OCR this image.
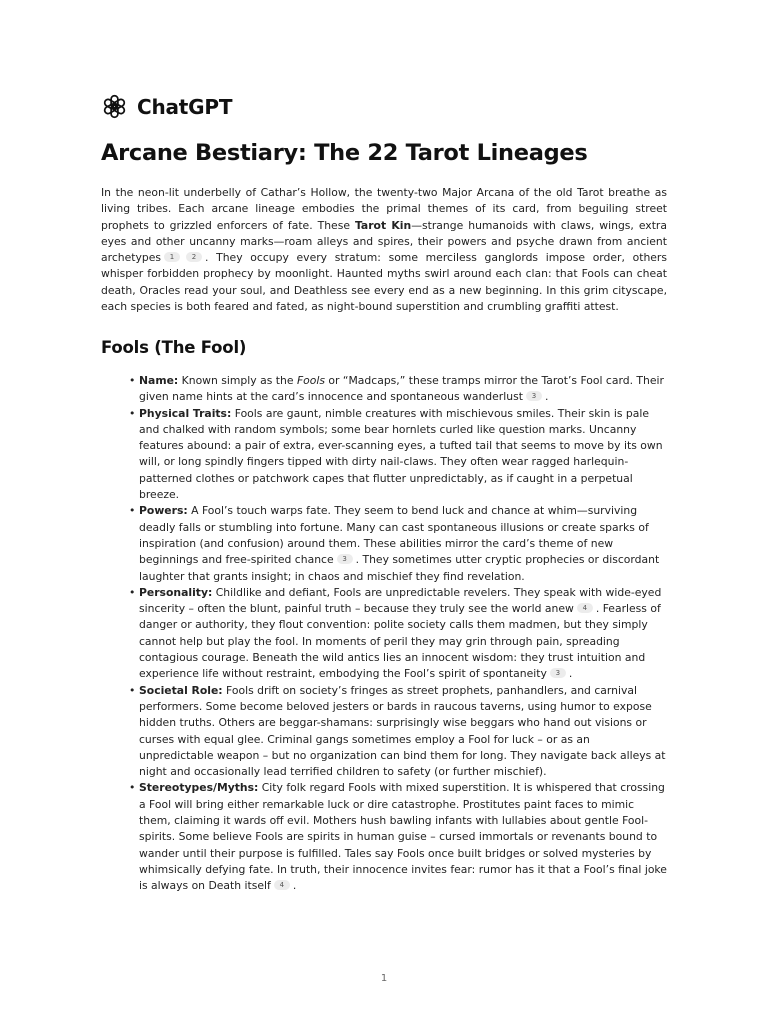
ChatGPT
Arcane Bestiary: The 22 Tarot Lineages

In the neon-lit underbelly of Cathar’s Hollow, the twenty-two Major Arcana of the old Tarot breathe as living tribes. Each arcane lineage embodies the primal themes of its card, from beguiling street prophets to grizzled enforcers of fate. These Tarot Kin—strange humanoids with claws, wings, extra eyes and other uncanny marks—roam alleys and spires, their powers and psyche drawn from ancient archetypes 1	2 . They occupy every stratum: some merciless ganglords impose order, others whisper forbidden prophecy by moonlight. Haunted myths swirl around each clan: that Fools can cheat death, Oracles read your soul, and Deathless see every end as a new beginning. In this grim cityscape, each species is both feared and fated, as night-bound superstition and crumbling graffiti attest.

Fools (The Fool)
• Name: Known simply as the Fools or “Madcaps,” these tramps mirror the Tarot’s Fool card. Their given name hints at the card’s innocence and spontaneous wanderlust 3 .
• Physical Traits: Fools are gaunt, nimble creatures with mischievous smiles. Their skin is pale and chalked with random symbols; some bear hornlets curled like question marks. Uncanny features abound: a pair of extra, ever-scanning eyes, a tufted tail that seems to move by its own will, or long spindly fingers tipped with dirty nail-claws. They often wear ragged harlequin-patterned clothes or patchwork capes that flutter unpredictably, as if caught in a perpetual breeze.
• Powers: A Fool’s touch warps fate. They seem to bend luck and chance at whim—surviving deadly falls or stumbling into fortune. Many can cast spontaneous illusions or create sparks of inspiration (and confusion) around them. These abilities mirror the card’s theme of new beginnings and free-spirited chance 3 . They sometimes utter cryptic prophecies or discordant laughter that grants insight; in chaos and mischief they find revelation.
• Personality: Childlike and defiant, Fools are unpredictable revelers. They speak with wide-eyed sincerity – often the blunt, painful truth – because they truly see the world anew 4 . Fearless of danger or authority, they flout convention: polite society calls them madmen, but they simply cannot help but play the fool. In moments of peril they may grin through pain, spreading contagious courage. Beneath the wild antics lies an innocent wisdom: they trust intuition and experience life without restraint, embodying the Fool’s spirit of spontaneity 3 .
• Societal Role: Fools drift on society’s fringes as street prophets, panhandlers, and carnival performers. Some become beloved jesters or bards in raucous taverns, using humor to expose hidden truths. Others are beggar-shamans: surprisingly wise beggars who hand out visions or curses with equal glee. Criminal gangs sometimes employ a Fool for luck – or as an unpredictable weapon – but no organization can bind them for long. They navigate back alleys at night and occasionally lead terrified children to safety (or further mischief).
• Stereotypes/Myths: City folk regard Fools with mixed superstition. It is whispered that crossing a Fool will bring either remarkable luck or dire catastrophe. Prostitutes paint faces to mimic them, claiming it wards off evil. Mothers hush bawling infants with lullabies about gentle Fool-spirits. Some believe Fools are spirits in human guise – cursed immortals or revenants bound to wander until their purpose is fulfilled. Tales say Fools once built bridges or solved mysteries by whimsically defying fate. In truth, their innocence invites fear: rumor has it that a Fool’s final joke is always on Death itself 4 .
1
